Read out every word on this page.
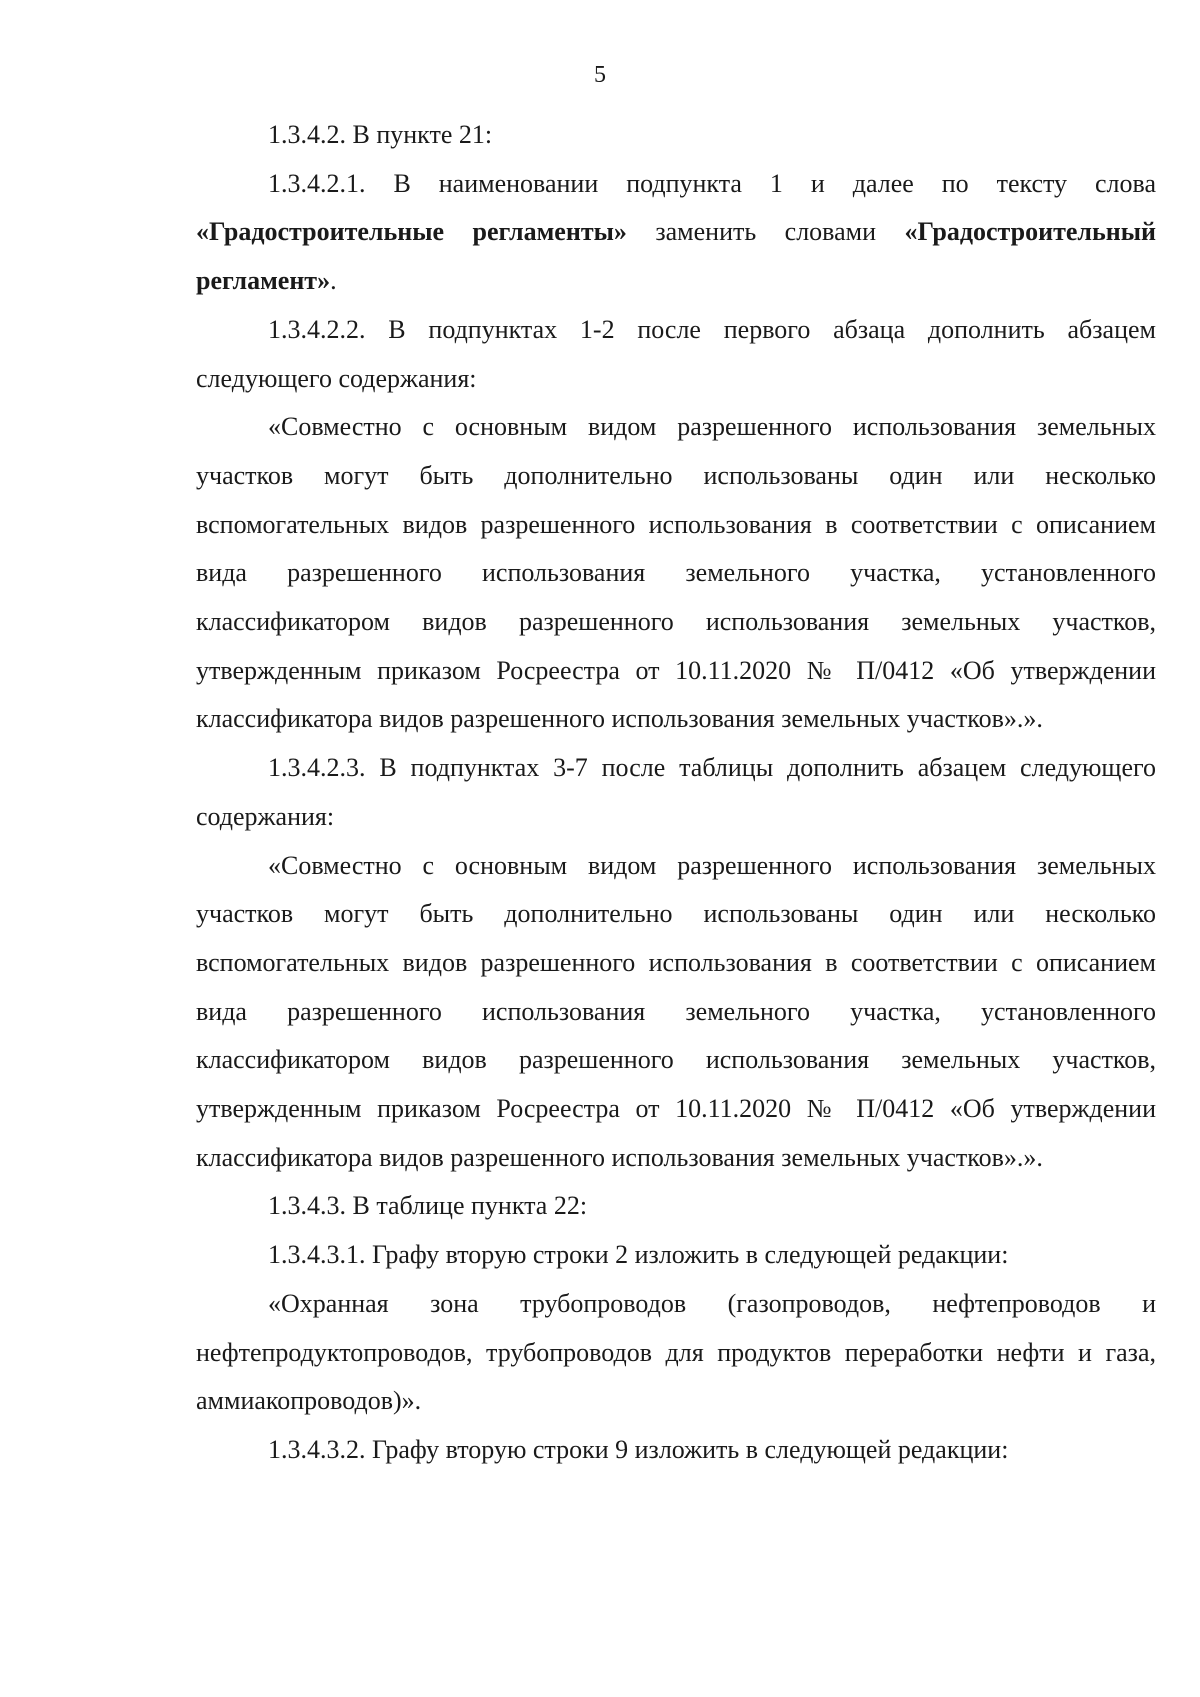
5

1.3.4.2. В пункте 21:

1.3.4.2.1. В наименовании подпункта 1 и далее по тексту слова «Градостроительные регламенты» заменить словами «Градостроительный регламент».

1.3.4.2.2. В подпунктах 1-2 после первого абзаца дополнить абзацем следующего содержания:

«Совместно с основным видом разрешенного использования земельных участков могут быть дополнительно использованы один или несколько вспомогательных видов разрешенного использования в соответствии с описанием вида разрешенного использования земельного участка, установленного классификатором видов разрешенного использования земельных участков, утвержденным приказом Росреестра от 10.11.2020 № П/0412 «Об утверждении классификатора видов разрешенного использования земельных участков».».

1.3.4.2.3. В подпунктах 3-7 после таблицы дополнить абзацем следующего содержания:

«Совместно с основным видом разрешенного использования земельных участков могут быть дополнительно использованы один или несколько вспомогательных видов разрешенного использования в соответствии с описанием вида разрешенного использования земельного участка, установленного классификатором видов разрешенного использования земельных участков, утвержденным приказом Росреестра от 10.11.2020 № П/0412 «Об утверждении классификатора видов разрешенного использования земельных участков».».

1.3.4.3. В таблице пункта 22:

1.3.4.3.1. Графу вторую строки 2 изложить в следующей редакции:

«Охранная зона трубопроводов (газопроводов, нефтепроводов и нефтепродуктопроводов, трубопроводов для продуктов переработки нефти и газа, аммиакопроводов)».

1.3.4.3.2. Графу вторую строки 9 изложить в следующей редакции:
